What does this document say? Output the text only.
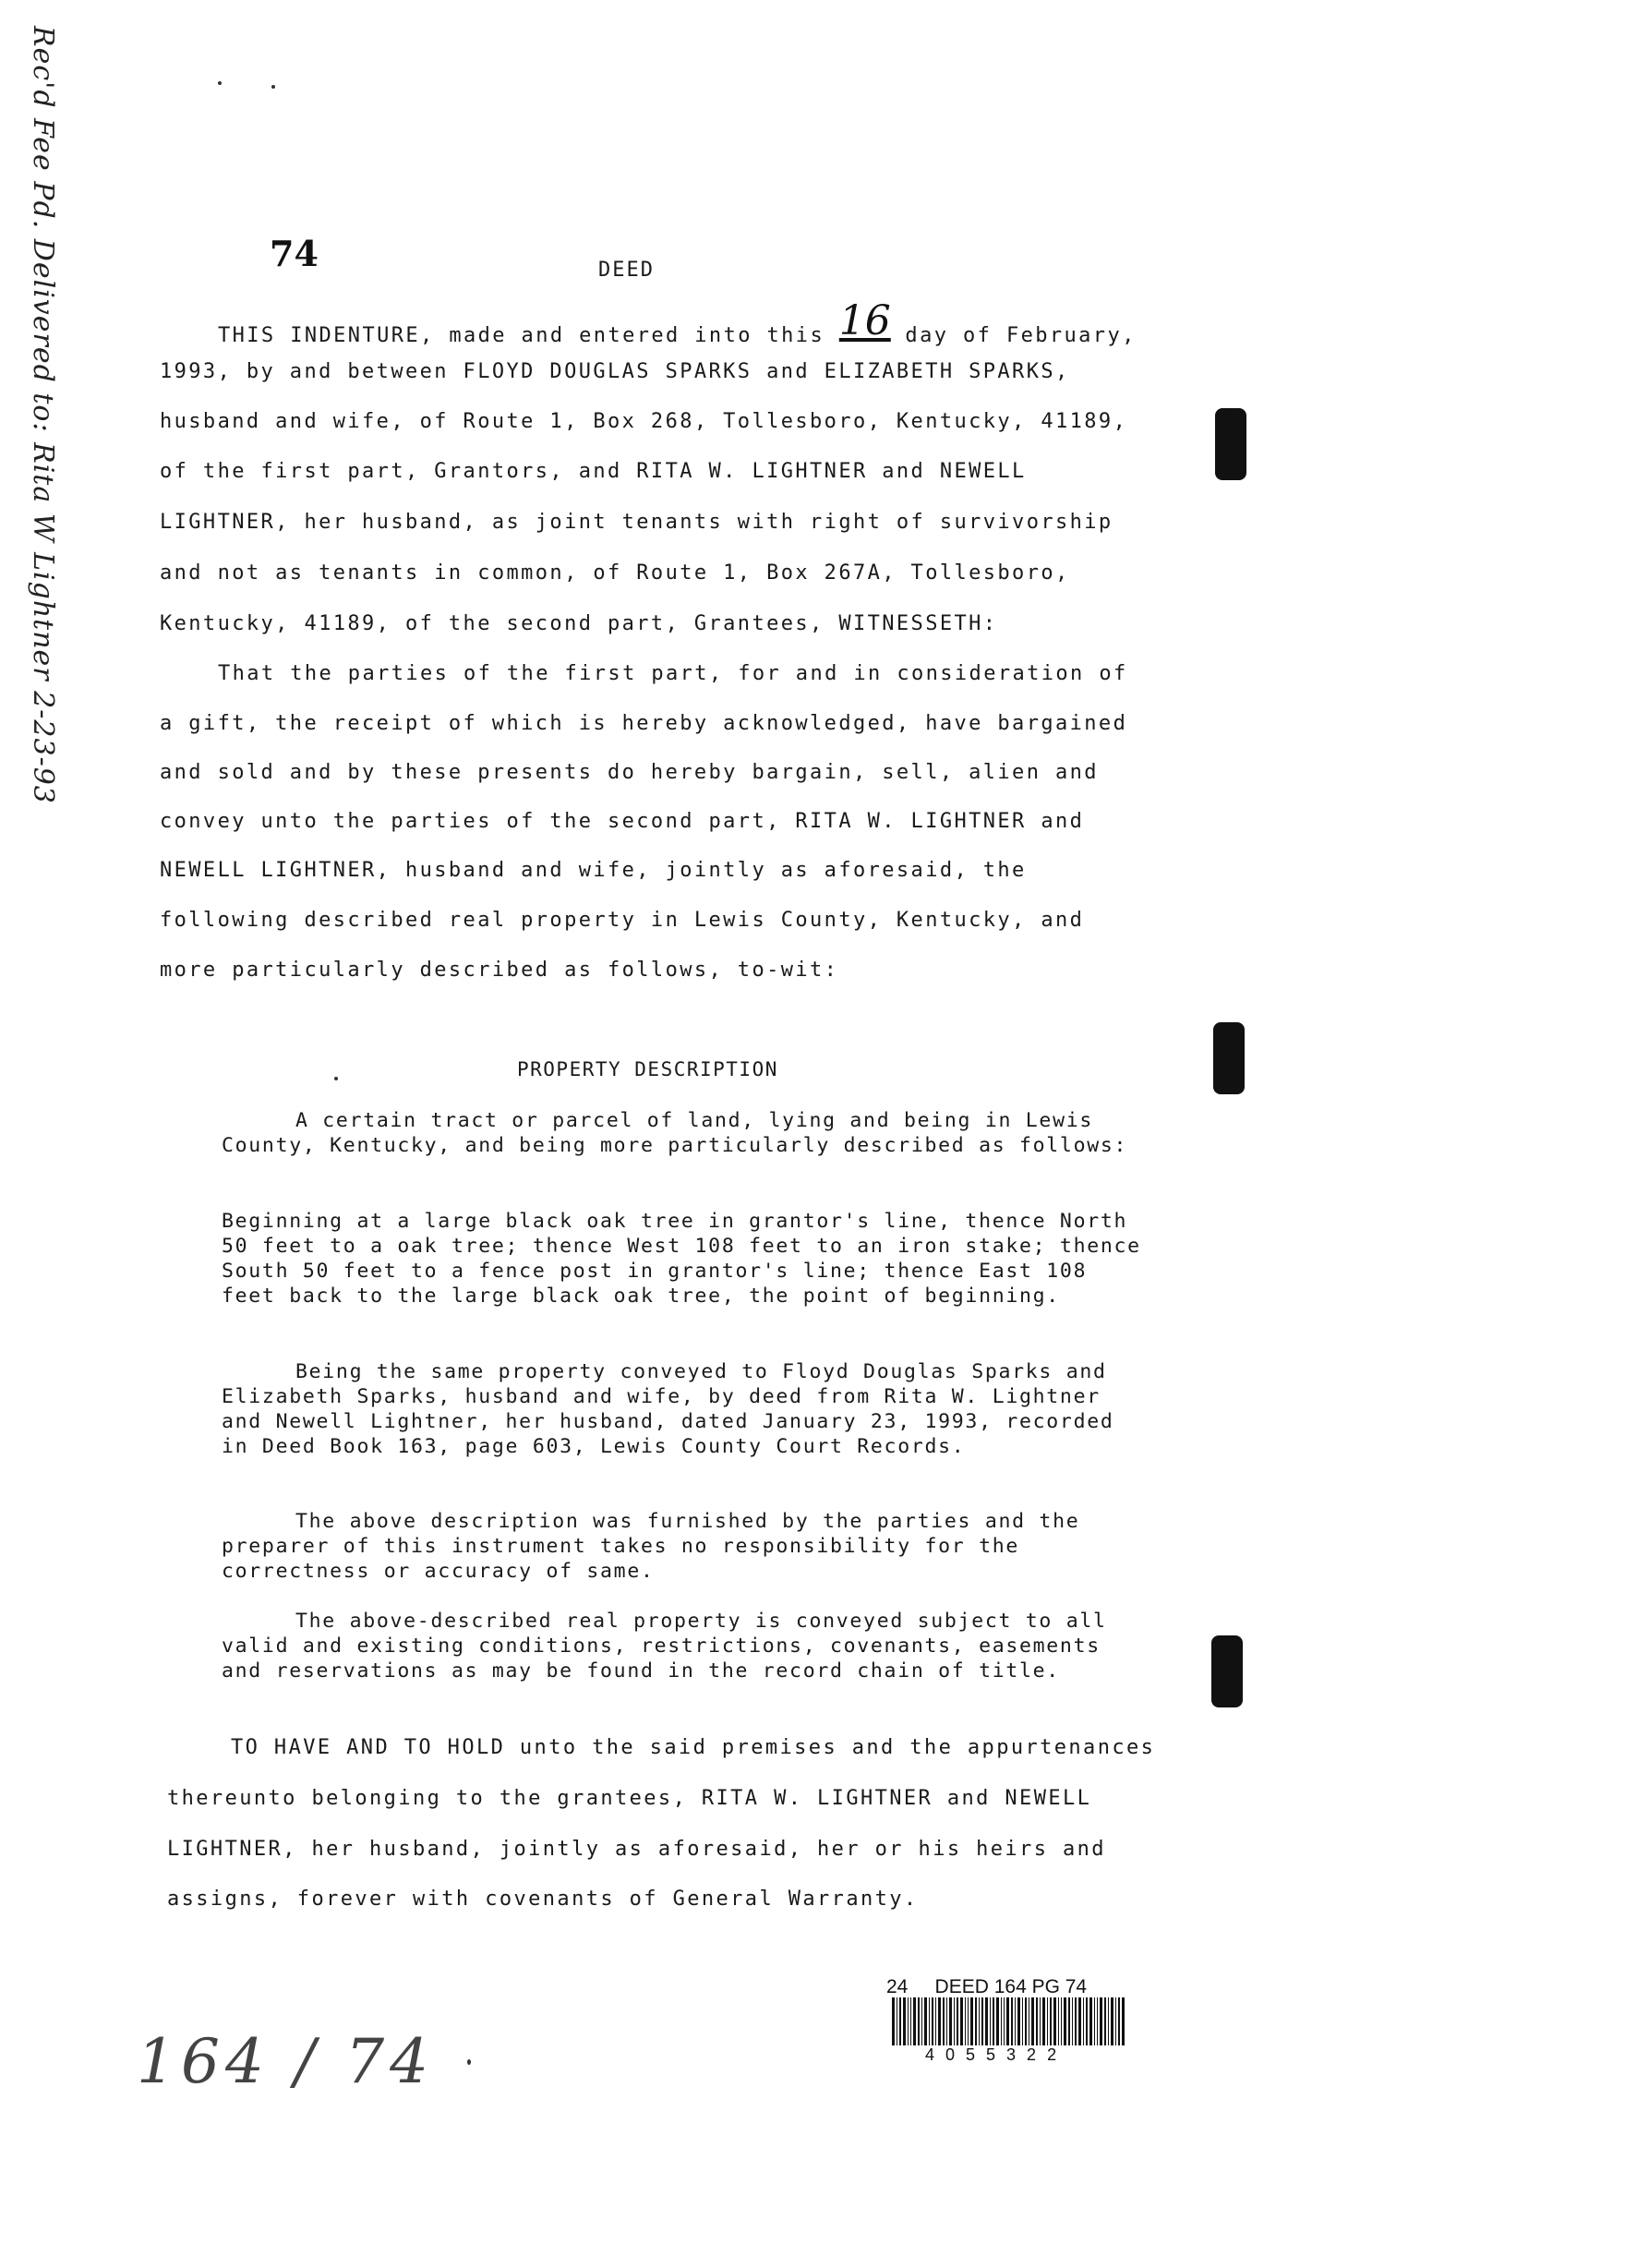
Rec'd Fee Pd. Delivered to: Rita W Lightner 2-23-93	74	DEED
THIS INDENTURE, made and entered into this 16 day of February,
1993, by and between FLOYD DOUGLAS SPARKS and ELIZABETH SPARKS,
husband and wife, of Route 1, Box 268, Tollesboro, Kentucky, 41189,
of the first part, Grantors, and RITA W. LIGHTNER and NEWELL
LIGHTNER, her husband, as joint tenants with right of survivorship
and not as tenants in common, of Route 1, Box 267A, Tollesboro,
Kentucky, 41189, of the second part, Grantees, WITNESSETH:
That the parties of the first part, for and in consideration of
a gift, the receipt of which is hereby acknowledged, have bargained
and sold and by these presents do hereby bargain, sell, alien and
convey unto the parties of the second part, RITA W. LIGHTNER and
NEWELL LIGHTNER, husband and wife, jointly as aforesaid, the
following described real property in Lewis County, Kentucky, and
more particularly described as follows, to-wit:
PROPERTY DESCRIPTION
A certain tract or parcel of land, lying and being in Lewis County, Kentucky, and being more particularly described as follows:
Beginning at a large black oak tree in grantor's line, thence North 50 feet to a oak tree; thence West 108 feet to an iron stake; thence South 50 feet to a fence post in grantor's line; thence East 108 feet back to the large black oak tree, the point of beginning.
Being the same property conveyed to Floyd Douglas Sparks and Elizabeth Sparks, husband and wife, by deed from Rita W. Lightner and Newell Lightner, her husband, dated January 23, 1993, recorded in Deed Book 163, page 603, Lewis County Court Records.
The above description was furnished by the parties and the preparer of this instrument takes no responsibility for the correctness or accuracy of same.
The above-described real property is conveyed subject to all valid and existing conditions, restrictions, covenants, easements and reservations as may be found in the record chain of title.
TO HAVE AND TO HOLD unto the said premises and the appurtenances
thereunto belonging to the grantees, RITA W. LIGHTNER and NEWELL
LIGHTNER, her husband, jointly as aforesaid, her or his heirs and
assigns, forever with covenants of General Warranty.
164 / 74
24     DEED 164 PG 74
4055322
